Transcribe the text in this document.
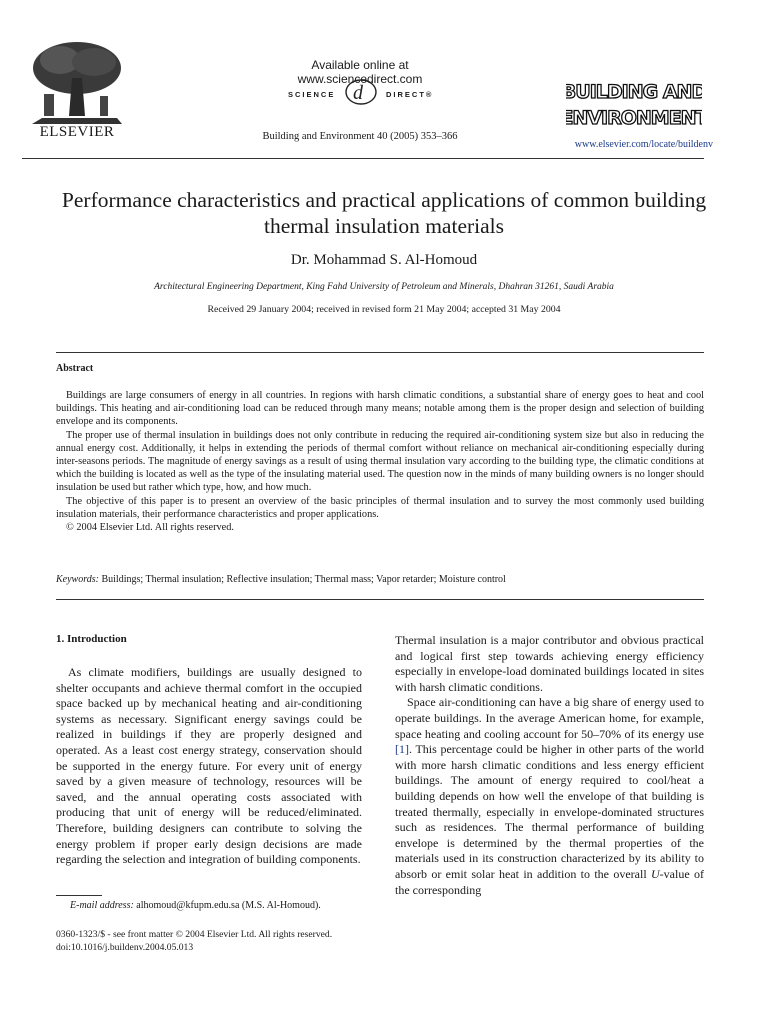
ELSEVIER
Available online at www.sciencedirect.com
SCIENCE d	DIRECT®
Building and Environment 40 (2005) 353–366
BUILDING AND
ENVIRONMENT
www.elsevier.com/locate/buildenv
Performance characteristics and practical applications of common building thermal insulation materials
Dr. Mohammad S. Al-Homoud
Architectural Engineering Department, King Fahd University of Petroleum and Minerals, Dhahran 31261, Saudi Arabia
Received 29 January 2004; received in revised form 21 May 2004; accepted 31 May 2004
Abstract

Buildings are large consumers of energy in all countries. In regions with harsh climatic conditions, a substantial share of energy goes to heat and cool buildings. This heating and air-conditioning load can be reduced through many means; notable among them is the proper design and selection of building envelope and its components.

The proper use of thermal insulation in buildings does not only contribute in reducing the required air-conditioning system size but also in reducing the annual energy cost. Additionally, it helps in extending the periods of thermal comfort without reliance on mechanical air-conditioning especially during inter-seasons periods. The magnitude of energy savings as a result of using thermal insulation vary according to the building type, the climatic conditions at which the building is located as well as the type of the insulating material used. The question now in the minds of many building owners is no longer should insulation be used but rather which type, how, and how much.

The objective of this paper is to present an overview of the basic principles of thermal insulation and to survey the most commonly used building insulation materials, their performance characteristics and proper applications.

© 2004 Elsevier Ltd. All rights reserved.

Keywords: Buildings; Thermal insulation; Reflective insulation; Thermal mass; Vapor retarder; Moisture control
1. Introduction

As climate modifiers, buildings are usually designed to shelter occupants and achieve thermal comfort in the occupied space backed up by mechanical heating and air-conditioning systems as necessary. Significant energy savings could be realized in buildings if they are properly designed and operated. As a least cost energy strategy, conservation should be supported in the energy future. For every unit of energy saved by a given measure of technology, resources will be saved, and the annual operating costs associated with producing that unit of energy will be reduced/eliminated. Therefore, building designers can contribute to solving the energy problem if proper early design decisions are made regarding the selection and integration of building components.

Thermal insulation is a major contributor and obvious practical and logical first step towards achieving energy efficiency especially in envelope-load dominated buildings located in sites with harsh climatic conditions.

Space air-conditioning can have a big share of energy used to operate buildings. In the average American home, for example, space heating and cooling account for 50–70% of its energy use [1]. This percentage could be higher in other parts of the world with more harsh climatic conditions and less energy efficient buildings. The amount of energy required to cool/heat a building depends on how well the envelope of that building is treated thermally, especially in envelope-dominated structures such as residences. The thermal performance of building envelope is determined by the thermal properties of the materials used in its construction characterized by its ability to absorb or emit solar heat in addition to the overall U-value of the corresponding

E-mail address: alhomoud@kfupm.edu.sa (M.S. Al-Homoud).
0360-1323/$ - see front matter © 2004 Elsevier Ltd. All rights reserved.
doi:10.1016/j.buildenv.2004.05.013
